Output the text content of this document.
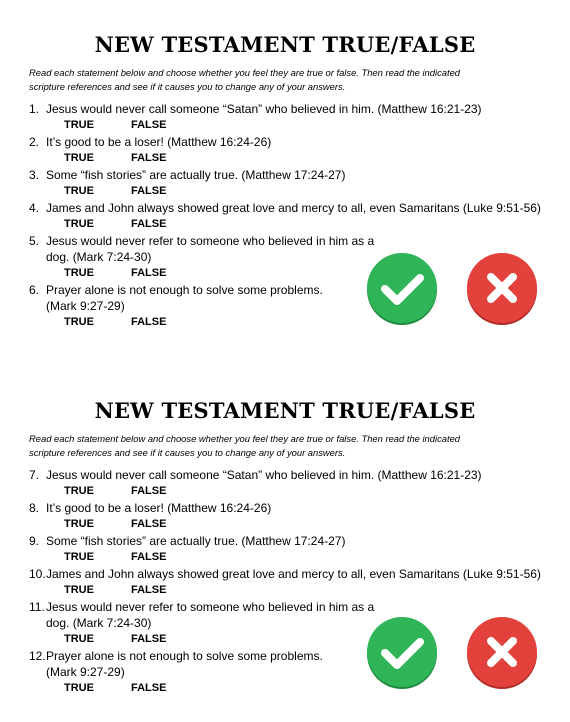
NEW TESTAMENT TRUE/FALSE

Read each statement below and choose whether you feel they are true or false. Then read the indicated
scripture references and see if it causes you to change any of your answers.

1. Jesus would never call someone “Satan” who believed in him. (Matthew 16:21-23)
TRUE	FALSE
2. It’s good to be a loser! (Matthew 16:24-26)
TRUE	FALSE
3. Some “fish stories” are actually true. (Matthew 17:24-27)
TRUE	FALSE
4. James and John always showed great love and mercy to all, even Samaritans (Luke 9:51-56)
TRUE	FALSE
5. Jesus would never refer to someone who believed in him as a
dog. (Mark 7:24-30)
TRUE	FALSE
6. Prayer alone is not enough to solve some problems.
(Mark 9:27-29)
TRUE	FALSE
NEW TESTAMENT TRUE/FALSE

Read each statement below and choose whether you feel they are true or false. Then read the indicated
scripture references and see if it causes you to change any of your answers.

7. Jesus would never call someone “Satan” who believed in him. (Matthew 16:21-23)
TRUE	FALSE
8. It’s good to be a loser! (Matthew 16:24-26)
TRUE	FALSE
9. Some “fish stories” are actually true. (Matthew 17:24-27)
TRUE	FALSE
10. James and John always showed great love and mercy to all, even Samaritans (Luke 9:51-56)
TRUE	FALSE
11. Jesus would never refer to someone who believed in him as a
dog. (Mark 7:24-30)
TRUE	FALSE
12. Prayer alone is not enough to solve some problems.
(Mark 9:27-29)
TRUE	FALSE
